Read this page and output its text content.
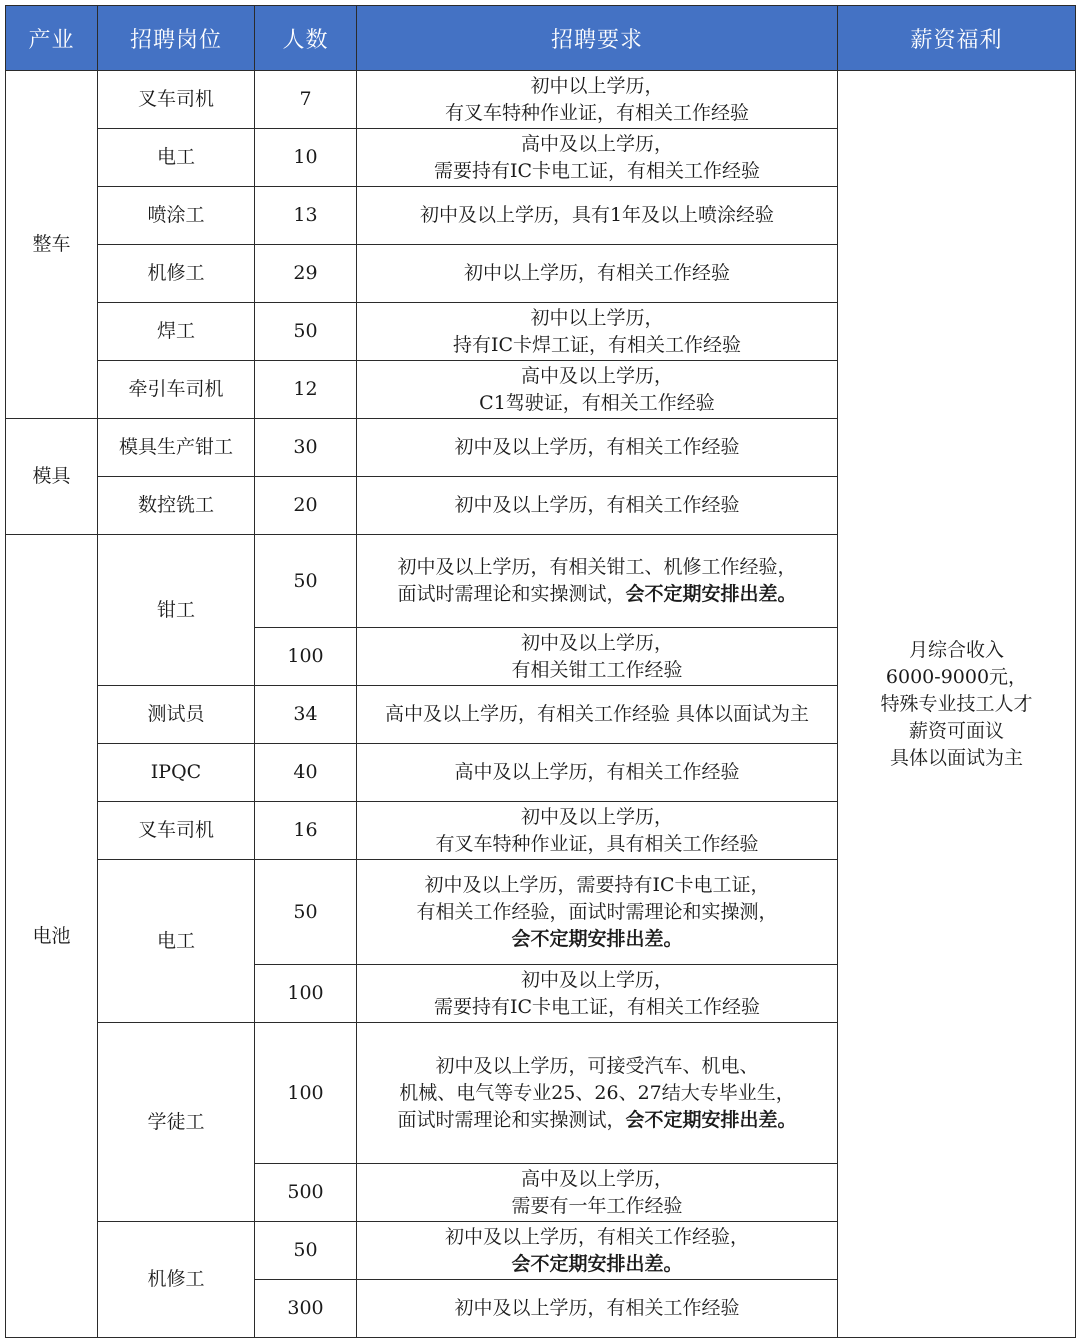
产业	招聘岗位	人数	招聘要求	薪资福利
整车	叉车司机	7	初中以上学历，
有叉车特种作业证，有相关工作经验	月综合收入
6000-9000元，
特殊专业技工人才
薪资可面议
具体以面试为主

	电工	10	高中及以上学历，
需要持有IC卡电工证，有相关工作经验	

	喷涂工	13	初中及以上学历，具有1年及以上喷涂经验	

	机修工	29	初中以上学历，有相关工作经验	

	焊工	50	初中以上学历，
持有IC卡焊工证，有相关工作经验	

	牵引车司机	12	高中及以上学历，
C1驾驶证，有相关工作经验	

模具	模具生产钳工	30	初中及以上学历，有相关工作经验	

	数控铣工	20	初中及以上学历，有相关工作经验	

电池	钳工	50	初中及以上学历，有相关钳工、机修工作经验，
面试时需理论和实操测试，会不定期安排出差。	

		100	初中及以上学历，
有相关钳工工作经验	

	测试员	34	高中及以上学历，有相关工作经验 具体以面试为主	

	IPQC	40	高中及以上学历，有相关工作经验	

	叉车司机	16	初中及以上学历，
有叉车特种作业证，具有相关工作经验	

	电工	50	初中及以上学历，需要持有IC卡电工证，
有相关工作经验，面试时需理论和实操测，
会不定期安排出差。	

		100	初中及以上学历，
需要持有IC卡电工证，有相关工作经验	

	学徒工	100	初中及以上学历，可接受汽车、机电、
机械、电气等专业25、26、27结大专毕业生，
面试时需理论和实操测试，会不定期安排出差。	

		500	高中及以上学历，
需要有一年工作经验	

	机修工	50	初中及以上学历，有相关工作经验，
会不定期安排出差。	

		300	初中及以上学历，有相关工作经验	
